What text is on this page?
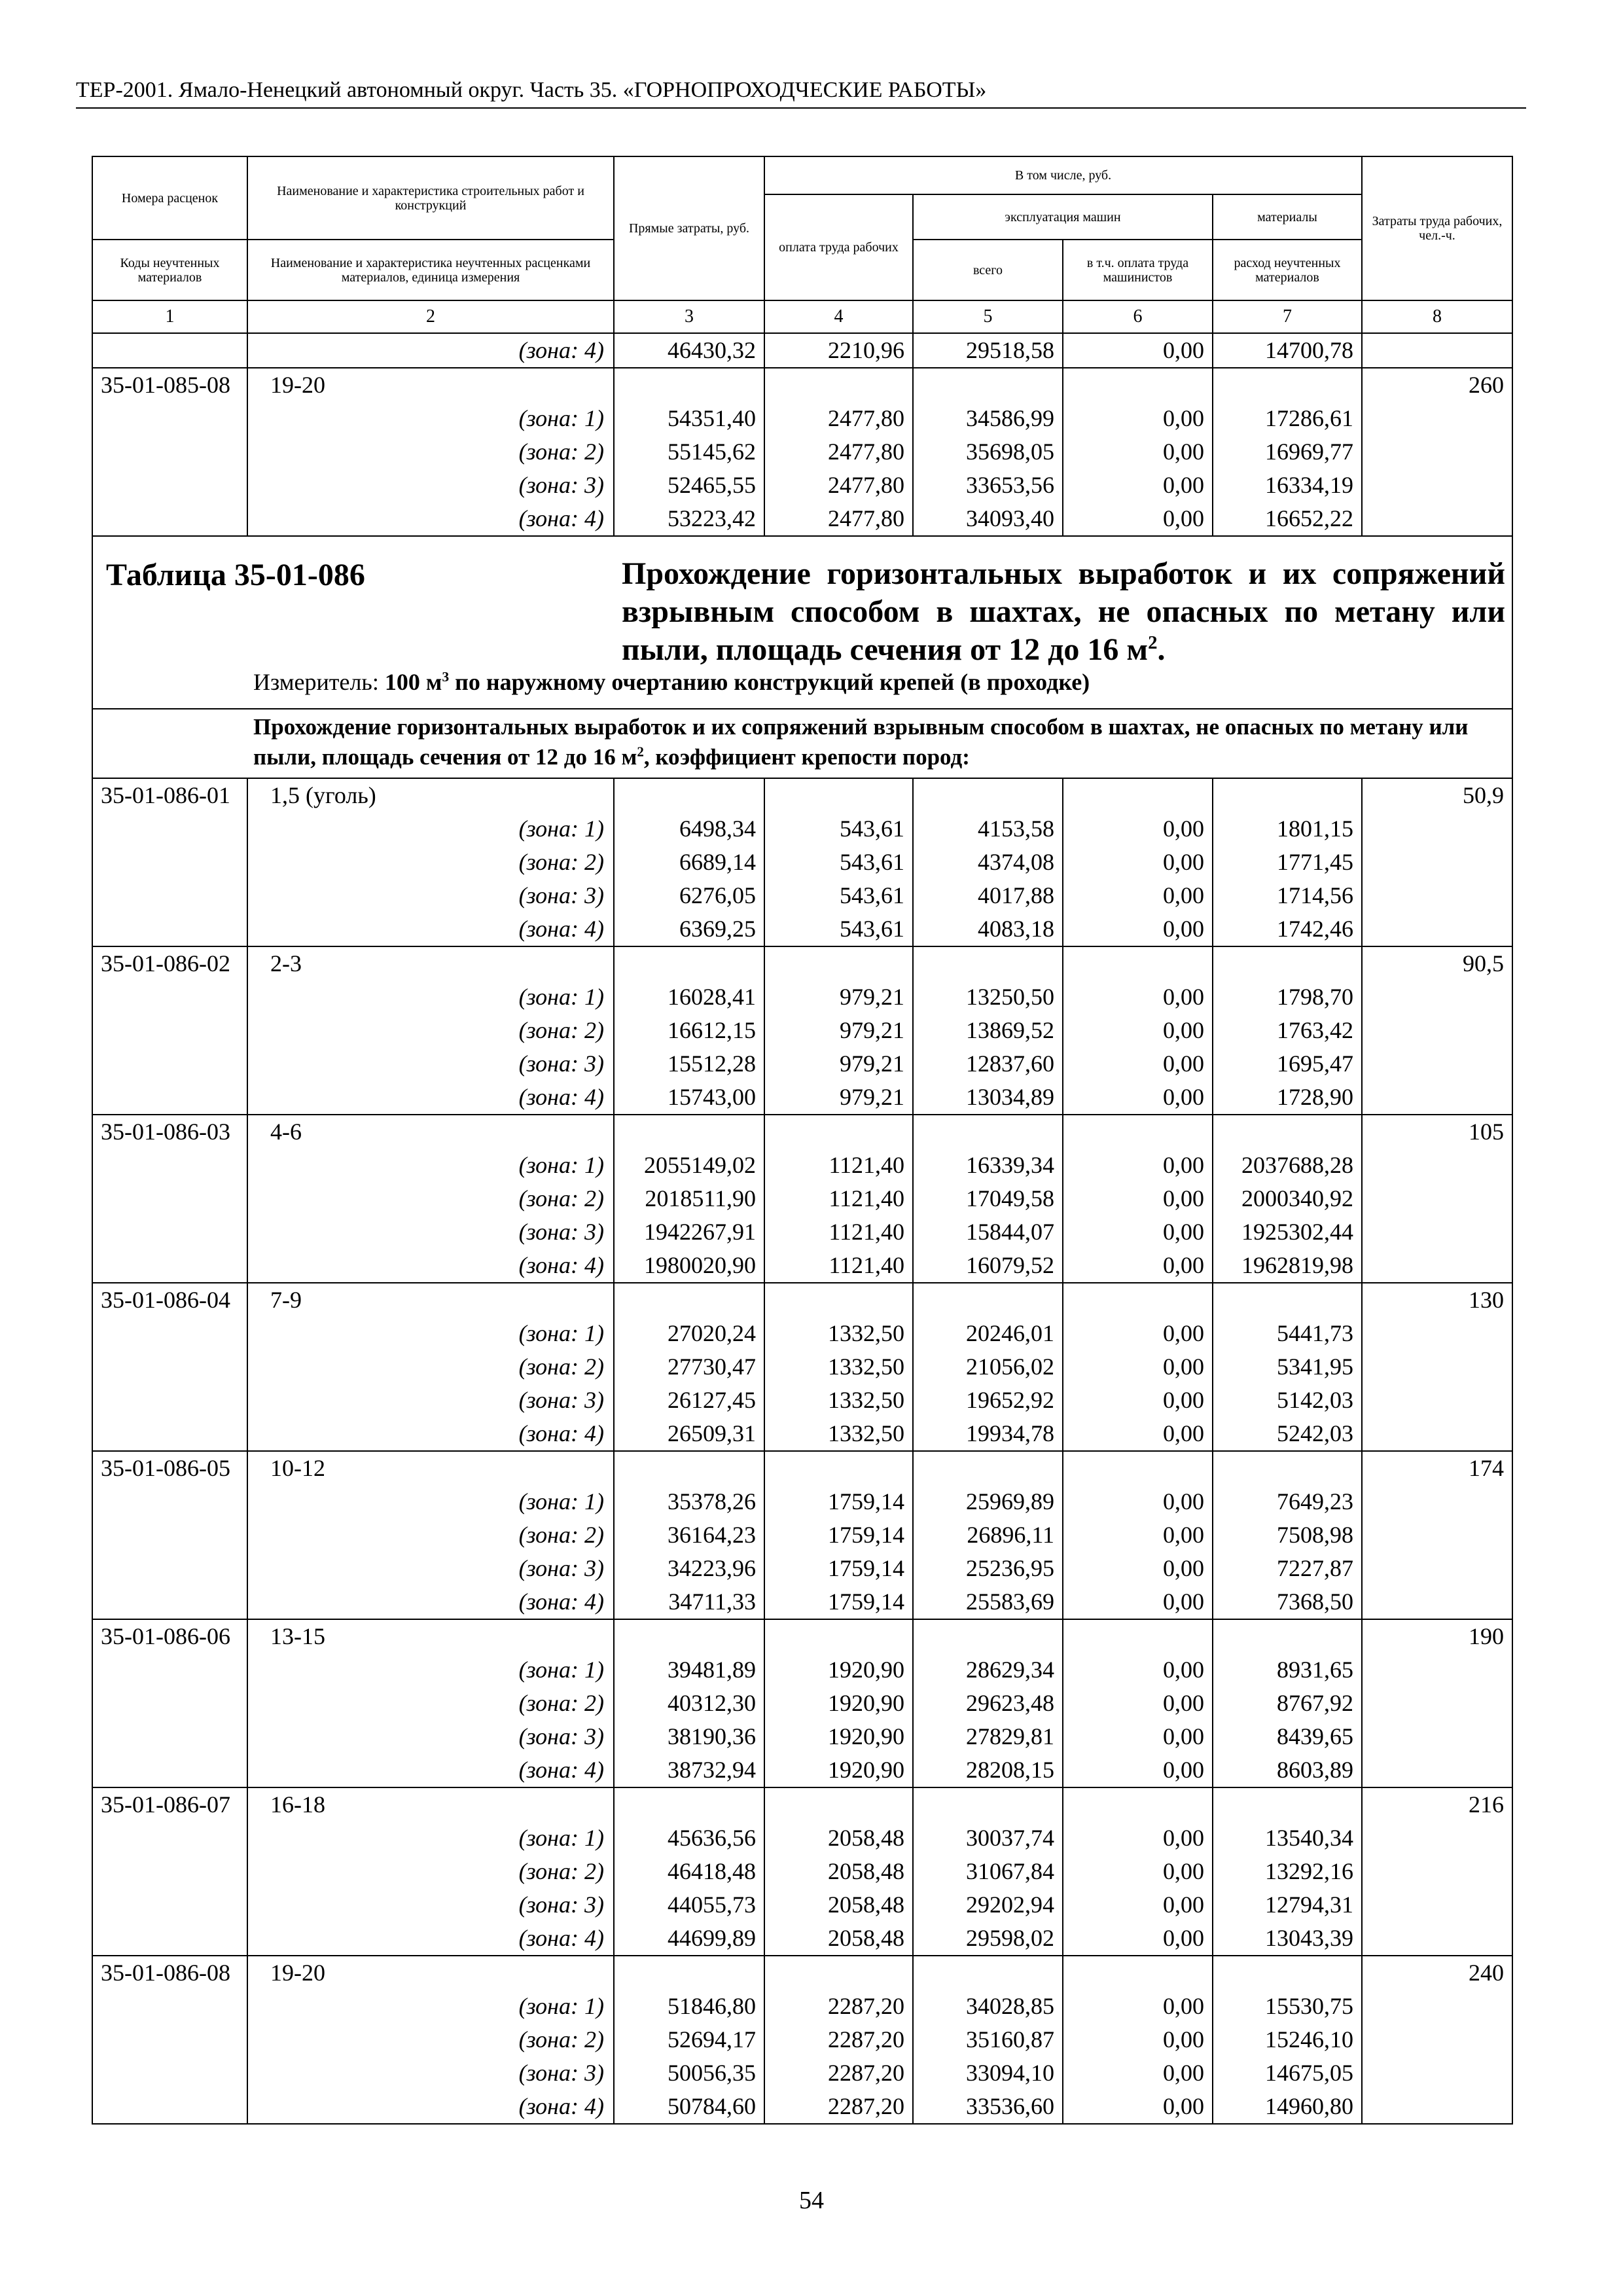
ТЕР-2001. Ямало-Ненецкий автономный округ. Часть 35. «ГОРНОПРОХОДЧЕСКИЕ РАБОТЫ»
Номера расценок	Наименование и характеристика строительных работ и конструкций	Прямые затраты, руб.	В том числе, руб.				Затраты труда рабочих, чел.-ч.
			оплата труда рабочих	эксплуатация машин		материалы	
Коды неучтенных материалов	Наименование и характеристика неучтенных расценками материалов, единица измерения			всего	в т.ч. оплата труда машинистов	расход неучтенных материалов	
1	2	3	4	5	6	7	8
	(зона: 4)	46430,32	2210,96	29518,58	0,00	14700,78	
35-01-085-08	19-20						260
	(зона: 1)	54351,40	2477,80	34586,99	0,00	17286,61	
	(зона: 2)	55145,62	2477,80	35698,05	0,00	16969,77	
	(зона: 3)	52465,55	2477,80	33653,56	0,00	16334,19	
	(зона: 4)	53223,42	2477,80	34093,40	0,00	16652,22	

Таблица 35-01-086 Прохождение горизонтальных выработок и их сопряжений взрывным способом в шахтах, не опасных по метану или пыли, площадь сечения от 12 до 16 $м^2$.
Измеритель: 100 $м^3$ по наружному очертанию конструкций крепей (в проходке)							

Прохождение горизонтальных выработок и их сопряжений взрывным способом в шахтах, не опасных по метану или пыли, площадь сечения от 12 до 16 $м^2$, коэффициент крепости пород:							

35-01-086-01	1,5 (уголь)						50,9
	(зона: 1)	6498,34	543,61	4153,58	0,00	1801,15	
	(зона: 2)	6689,14	543,61	4374,08	0,00	1771,45	
	(зона: 3)	6276,05	543,61	4017,88	0,00	1714,56	
	(зона: 4)	6369,25	543,61	4083,18	0,00	1742,46	
35-01-086-02	2-3						90,5
	(зона: 1)	16028,41	979,21	13250,50	0,00	1798,70	
	(зона: 2)	16612,15	979,21	13869,52	0,00	1763,42	
	(зона: 3)	15512,28	979,21	12837,60	0,00	1695,47	
	(зона: 4)	15743,00	979,21	13034,89	0,00	1728,90	
35-01-086-03	4-6						105
	(зона: 1)	2055149,02	1121,40	16339,34	0,00	2037688,28	
	(зона: 2)	2018511,90	1121,40	17049,58	0,00	2000340,92	
	(зона: 3)	1942267,91	1121,40	15844,07	0,00	1925302,44	
	(зона: 4)	1980020,90	1121,40	16079,52	0,00	1962819,98	
35-01-086-04	7-9						130
	(зона: 1)	27020,24	1332,50	20246,01	0,00	5441,73	
	(зона: 2)	27730,47	1332,50	21056,02	0,00	5341,95	
	(зона: 3)	26127,45	1332,50	19652,92	0,00	5142,03	
	(зона: 4)	26509,31	1332,50	19934,78	0,00	5242,03	
35-01-086-05	10-12						174
	(зона: 1)	35378,26	1759,14	25969,89	0,00	7649,23	
	(зона: 2)	36164,23	1759,14	26896,11	0,00	7508,98	
	(зона: 3)	34223,96	1759,14	25236,95	0,00	7227,87	
	(зона: 4)	34711,33	1759,14	25583,69	0,00	7368,50	
35-01-086-06	13-15						190
	(зона: 1)	39481,89	1920,90	28629,34	0,00	8931,65	
	(зона: 2)	40312,30	1920,90	29623,48	0,00	8767,92	
	(зона: 3)	38190,36	1920,90	27829,81	0,00	8439,65	
	(зона: 4)	38732,94	1920,90	28208,15	0,00	8603,89	
35-01-086-07	16-18						216
	(зона: 1)	45636,56	2058,48	30037,74	0,00	13540,34	
	(зона: 2)	46418,48	2058,48	31067,84	0,00	13292,16	
	(зона: 3)	44055,73	2058,48	29202,94	0,00	12794,31	
	(зона: 4)	44699,89	2058,48	29598,02	0,00	13043,39	
35-01-086-08	19-20						240
	(зона: 1)	51846,80	2287,20	34028,85	0,00	15530,75	
	(зона: 2)	52694,17	2287,20	35160,87	0,00	15246,10	
	(зона: 3)	50056,35	2287,20	33094,10	0,00	14675,05	
	(зона: 4)	50784,60	2287,20	33536,60	0,00	14960,80	
54
